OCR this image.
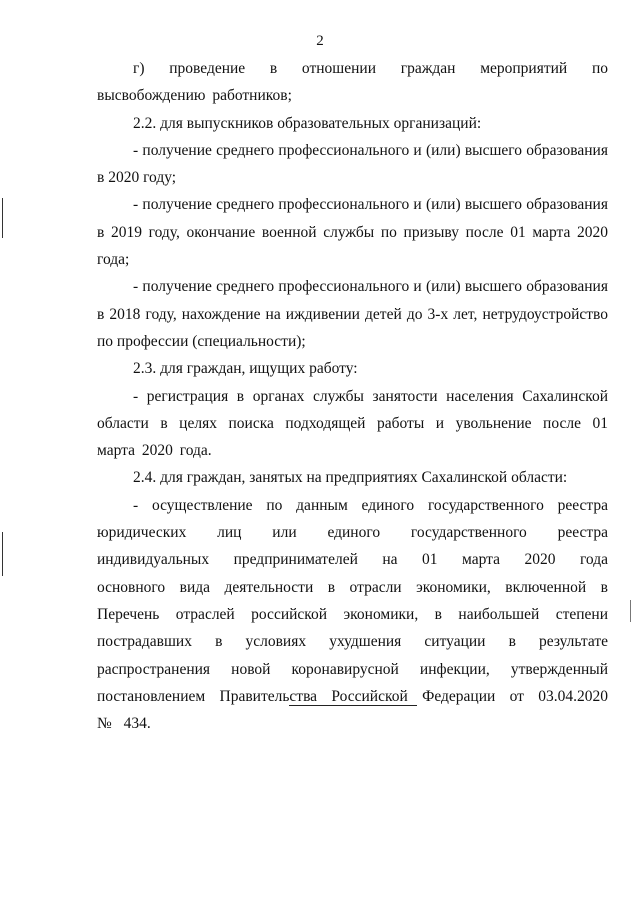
2

г) проведение в отношении граждан мероприятий по высвобождению работников;

2.2. для выпускников образовательных организаций:

- получение среднего профессионального и (или) высшего образования в 2020 году;

- получение среднего профессионального и (или) высшего образования в 2019 году, окончание военной службы по призыву после 01 марта 2020 года;

- получение среднего профессионального и (или) высшего образования в 2018 году, нахождение на иждивении детей до 3-х лет, нетрудоустройство по профессии (специальности);

2.3. для граждан, ищущих работу:

- регистрация в органах службы занятости населения Сахалинской области в целях поиска подходящей работы и увольнение после 01 марта 2020 года.

2.4. для граждан, занятых на предприятиях Сахалинской области:

- осуществление по данным единого государственного реестра юридических лиц или единого государственного реестра индивидуальных предпринимателей на 01 марта 2020 года основного вида деятельности в отрасли экономики, включенной в Перечень отраслей российской экономики, в наибольшей степени пострадавших в условиях ухудшения ситуации в результате распространения новой коронавирусной инфекции, утвержденный постановлением Правительства Российской Федерации от 03.04.2020 № 434.
